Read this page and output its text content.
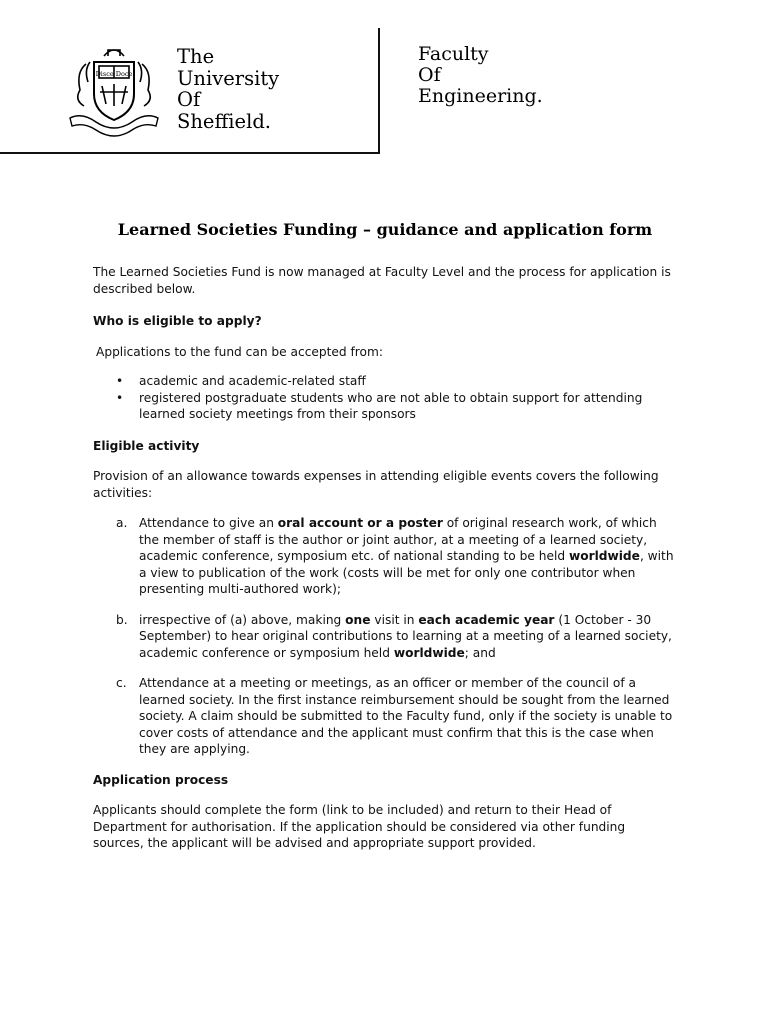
Disce Doce
The
University
Of
Sheffield.
Faculty
Of
Engineering.
Learned Societies Funding – guidance and application form

The Learned Societies Fund is now managed at Faculty Level and the process for application is described below.

Who is eligible to apply?

Applications to the fund can be accepted from:

• academic and academic-related staff
• registered postgraduate students who are not able to obtain support for attending learned society meetings from their sponsors

Eligible activity

Provision of an allowance towards expenses in attending eligible events covers the following activities:

a. Attendance to give an oral account or a poster of original research work, of which the member of staff is the author or joint author, at a meeting of a learned society, academic conference, symposium etc. of national standing to be held worldwide, with a view to publication of the work (costs will be met for only one contributor when presenting multi-authored work);
b. irrespective of (a) above, making one visit in each academic year (1 October - 30 September) to hear original contributions to learning at a meeting of a learned society, academic conference or symposium held worldwide; and
c. Attendance at a meeting or meetings, as an officer or member of the council of a learned society. In the first instance reimbursement should be sought from the learned society. A claim should be submitted to the Faculty fund, only if the society is unable to cover costs of attendance and the applicant must confirm that this is the case when they are applying.

Application process

Applicants should complete the form (link to be included) and return to their Head of Department for authorisation. If the application should be considered via other funding sources, the applicant will be advised and appropriate support provided.
